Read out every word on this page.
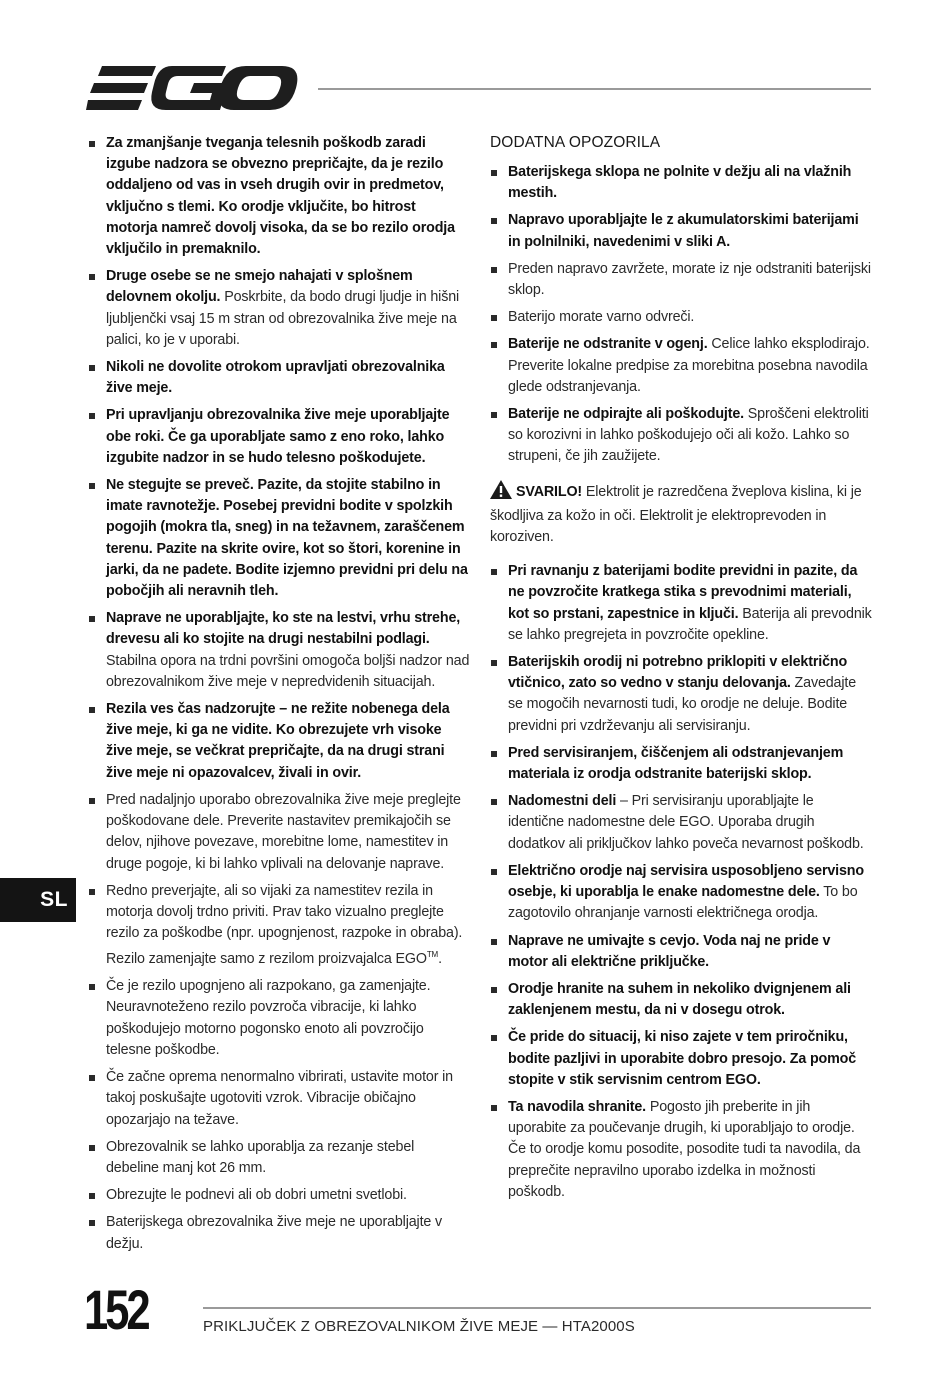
Za zmanjšanje tveganja telesnih poškodb zaradi izgube nadzora se obvezno prepričajte, da je rezilo oddaljeno od vas in vseh drugih ovir in predmetov, vključno s tlemi. Ko orodje vključite, bo hitrost motorja namreč dovolj visoka, da se bo rezilo orodja vključilo in premaknilo.
Druge osebe se ne smejo nahajati v splošnem delovnem okolju. Poskrbite, da bodo drugi ljudje in hišni ljubljenčki vsaj 15 m stran od obrezovalnika žive meje na palici, ko je v uporabi.
Nikoli ne dovolite otrokom upravljati obrezovalnika žive meje.
Pri upravljanju obrezovalnika žive meje uporabljajte obe roki. Če ga uporabljate samo z eno roko, lahko izgubite nadzor in se hudo telesno poškodujete.
Ne stegujte se preveč. Pazite, da stojite stabilno in imate ravnotežje. Posebej previdni bodite v spolzkih pogojih (mokra tla, sneg) in na težavnem, zaraščenem terenu. Pazite na skrite ovire, kot so štori, korenine in jarki, da ne padete. Bodite izjemno previdni pri delu na pobočjih ali neravnih tleh.
Naprave ne uporabljajte, ko ste na lestvi, vrhu strehe, drevesu ali ko stojite na drugi nestabilni podlagi. Stabilna opora na trdni površini omogoča boljši nadzor nad obrezovalnikom žive meje v nepredvidenih situacijah.
Rezila ves čas nadzorujte – ne režite nobenega dela žive meje, ki ga ne vidite. Ko obrezujete vrh visoke žive meje, se večkrat prepričajte, da na drugi strani žive meje ni opazovalcev, živali in ovir.
Pred nadaljnjo uporabo obrezovalnika žive meje preglejte poškodovane dele. Preverite nastavitev premikajočih se delov, njihove povezave, morebitne lome, namestitev in druge pogoje, ki bi lahko vplivali na delovanje naprave.
Redno preverjajte, ali so vijaki za namestitev rezila in motorja dovolj trdno priviti. Prav tako vizualno preglejte rezilo za poškodbe (npr. upognjenost, razpoke in obraba). Rezilo zamenjajte samo z rezilom proizvajalca EGO™.
Če je rezilo upognjeno ali razpokano, ga zamenjajte. Neuravnoteženo rezilo povzroča vibracije, ki lahko poškodujejo motorno pogonsko enoto ali povzročijo telesne poškodbe.
Če začne oprema nenormalno vibrirati, ustavite motor in takoj poskušajte ugotoviti vzrok. Vibracije običajno opozarjajo na težave.
Obrezovalnik se lahko uporablja za rezanje stebel debeline manj kot 26 mm.
Obrezujte le podnevi ali ob dobri umetni svetlobi.
Baterijskega obrezovalnika žive meje ne uporabljajte v dežju.
DODATNA OPOZORILA
Baterijskega sklopa ne polnite v dežju ali na vlažnih mestih.
Napravo uporabljajte le z akumulatorskimi baterijami in polnilniki, navedenimi v sliki A.
Preden napravo zavržete, morate iz nje odstraniti baterijski sklop.
Baterijo morate varno odvreči.
Baterije ne odstranite v ogenj. Celice lahko eksplodirajo. Preverite lokalne predpise za morebitna posebna navodila glede odstranjevanja.
Baterije ne odpirajte ali poškodujte. Sproščeni elektroliti so korozivni in lahko poškodujejo oči ali kožo. Lahko so strupeni, če jih zaužijete.
SVARILO! Elektrolit je razredčena žveplova kislina, ki je škodljiva za kožo in oči. Elektrolit je elektroprevoden in koroziven.
Pri ravnanju z baterijami bodite previdni in pazite, da ne povzročite kratkega stika s prevodnimi materiali, kot so prstani, zapestnice in ključi. Baterija ali prevodnik se lahko pregrejeta in povzročite opekline.
Baterijskih orodij ni potrebno priklopiti v električno vtičnico, zato so vedno v stanju delovanja. Zavedajte se mogočih nevarnosti tudi, ko orodje ne deluje. Bodite previdni pri vzdrževanju ali servisiranju.
Pred servisiranjem, čiščenjem ali odstranjevanjem materiala iz orodja odstranite baterijski sklop.
Nadomestni deli – Pri servisiranju uporabljajte le identične nadomestne dele EGO. Uporaba drugih dodatkov ali priključkov lahko poveča nevarnost poškodb.
Električno orodje naj servisira usposobljeno servisno osebje, ki uporablja le enake nadomestne dele. To bo zagotovilo ohranjanje varnosti električnega orodja.
Naprave ne umivajte s cevjo. Voda naj ne pride v motor ali električne priključke.
Orodje hranite na suhem in nekoliko dvignjenem ali zaklenjenem mestu, da ni v dosegu otrok.
Če pride do situacij, ki niso zajete v tem priročniku, bodite pazljivi in uporabite dobro presojo. Za pomoč stopite v stik servisnim centrom EGO.
Ta navodila shranite. Pogosto jih preberite in jih uporabite za poučevanje drugih, ki uporabljajo to orodje. Če to orodje komu posodite, posodite tudi ta navodila, da preprečite nepravilno uporabo izdelka in možnosti poškodb.
SL
152	PRIKLJUČEK Z OBREZOVALNIKOM ŽIVE MEJE — HTA2000S
